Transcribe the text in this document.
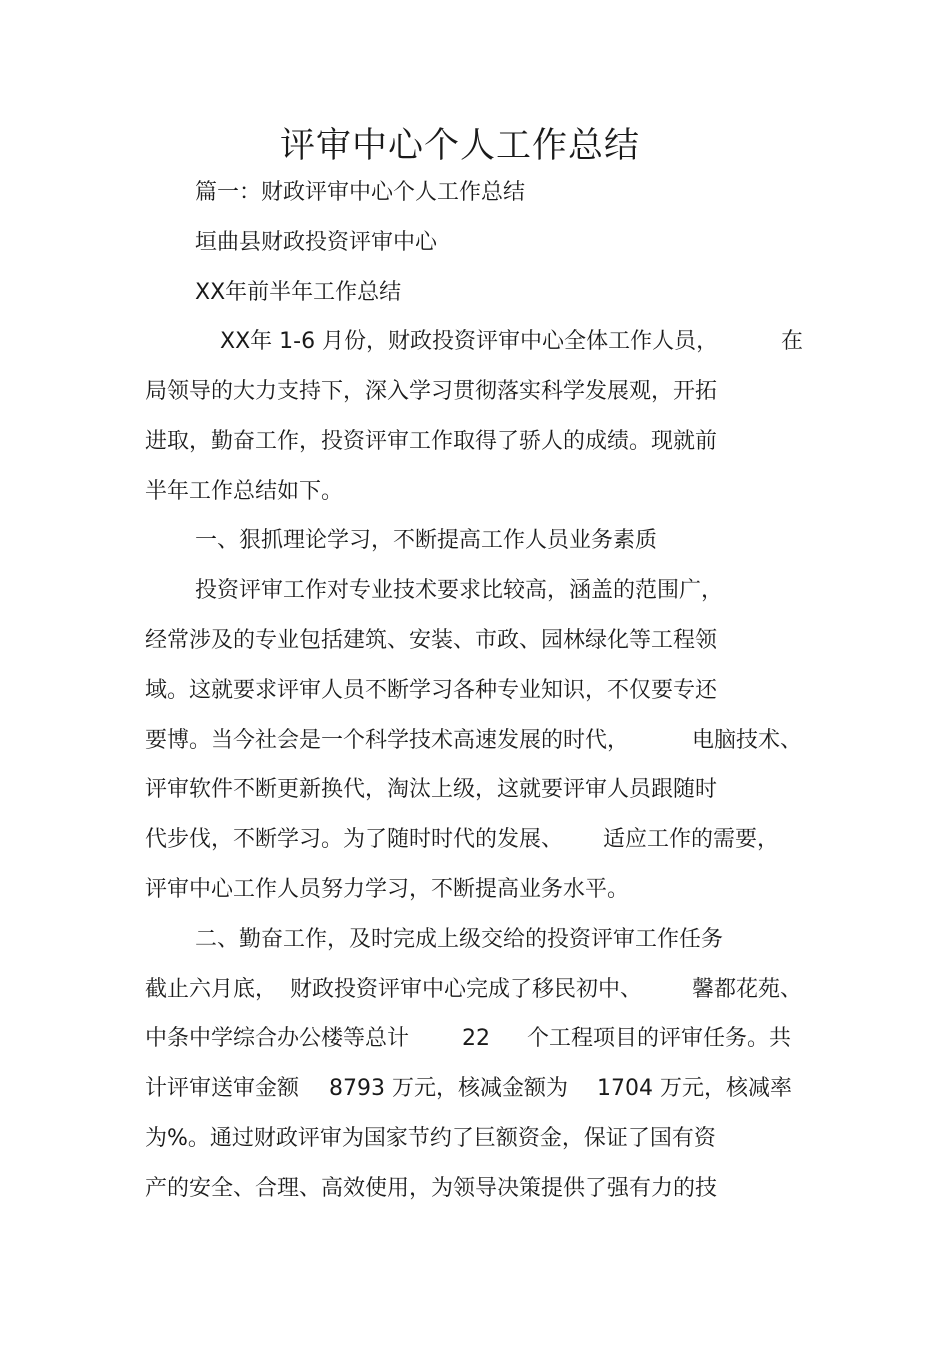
评审中心个人工作总结
篇一：财政评审中心个人工作总结
垣曲县财政投资评审中心
XX年前半年工作总结
XX年 1-6 月份，财政投资评审中心全体工作人员，	在
局领导的大力支持下，深入学习贯彻落实科学发展观，开拓
进取，勤奋工作，投资评审工作取得了骄人的成绩。现就前
半年工作总结如下。
一、狠抓理论学习，不断提高工作人员业务素质
投资评审工作对专业技术要求比较高，涵盖的范围广，
经常涉及的专业包括建筑、安装、市政、园林绿化等工程领
域。这就要求评审人员不断学习各种专业知识，不仅要专还
要博。当今社会是一个科学技术高速发展的时代，	电脑技术、
评审软件不断更新换代，淘汰上级，这就要评审人员跟随时
代步伐，不断学习。为了随时时代的发展、 适应工作的需要，
评审中心工作人员努力学习，不断提高业务水平。
二、勤奋工作，及时完成上级交给的投资评审工作任务
截止六月底， 财政投资评审中心完成了移民初中、 馨都花苑、
中条中学综合办公楼等总计 22 个工程项目的评审任务。共
计评审送审金额 8793 万元，核减金额为 1704 万元，核减率
为%。通过财政评审为国家节约了巨额资金，保证了国有资
产的安全、合理、高效使用，为领导决策提供了强有力的技
